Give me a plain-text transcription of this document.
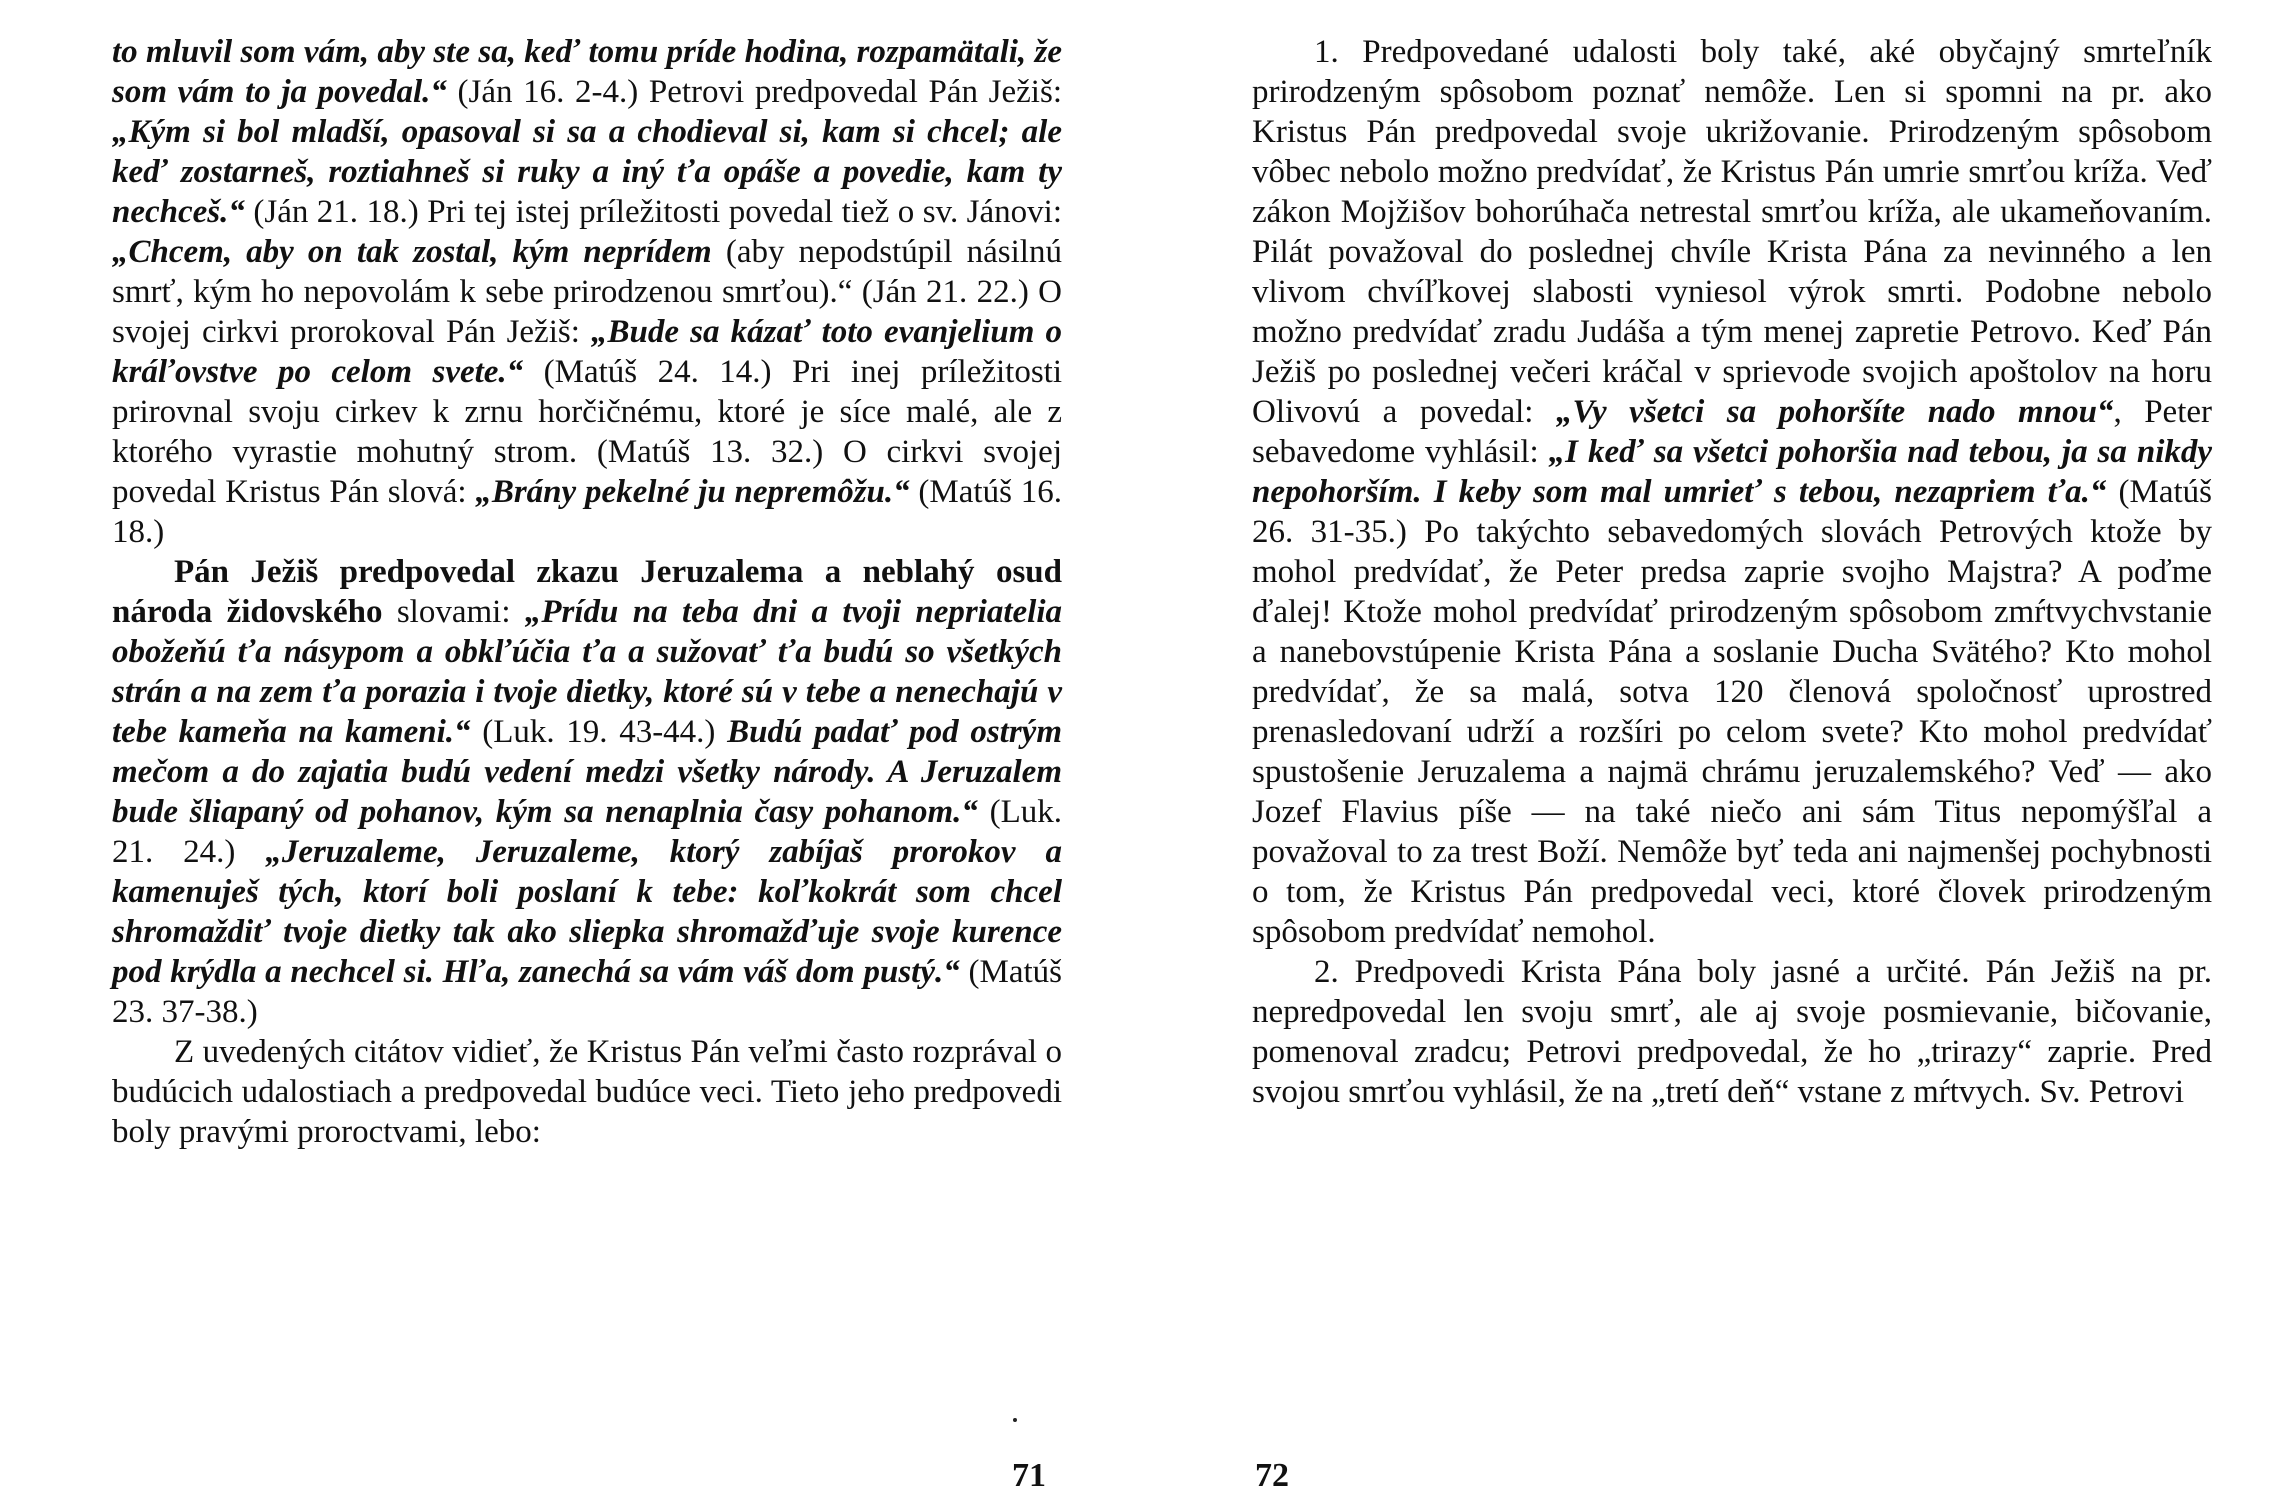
to mluvil som vám, aby ste sa, keď tomu príde hodina, rozpamätali, že som vám to ja povedal.“ (Ján 16. 2-4.) Petrovi predpovedal Pán Ježiš: „Kým si bol mladší, opasoval si sa a chodieval si, kam si chcel; ale keď zostarneš, roztiahneš si ruky a iný ťa opáše a povedie, kam ty nechceš.“ (Ján 21. 18.) Pri tej istej príležitosti povedal tiež o sv. Jánovi: „Chcem, aby on tak zostal, kým neprídem (aby nepodstúpil násilnú smrť, kým ho nepovolám k sebe prirodzenou smrťou).“ (Ján 21. 22.) O svojej cirkvi prorokoval Pán Ježiš: „Bude sa kázať toto evanjelium o kráľovstve po celom svete.“ (Matúš 24. 14.) Pri inej príležitosti prirovnal svoju cirkev k zrnu horčičnému, ktoré je síce malé, ale z ktorého vyrastie mohutný strom. (Matúš 13. 32.) O cirkvi svojej povedal Kristus Pán slová: „Brány pekelné ju nepremôžu.“ (Matúš 16. 18.)

Pán Ježiš predpovedal zkazu Jeruzalema a neblahý osud národa židovského slovami: „Prídu na teba dni a tvoji nepriatelia obožeňú ťa násypom a obkľúčia ťa a sužovať ťa budú so všetkých strán a na zem ťa porazia i tvoje dietky, ktoré sú v tebe a nenechajú v tebe kameňa na kameni.“ (Luk. 19. 43-44.) Budú padať pod ostrým mečom a do zajatia budú vedení medzi všetky národy. A Jeruzalem bude šliapaný od pohanov, kým sa nenaplnia časy pohanom.“ (Luk. 21. 24.) „Jeruzaleme, Jeruzaleme, ktorý zabíjaš prorokov a kamenuješ tých, ktorí boli poslaní k tebe: koľkokrát som chcel shromaždiť tvoje dietky tak ako sliepka shromažďuje svoje kurence pod krýdla a nechcel si. Hľa, zanechá sa vám váš dom pustý.“ (Matúš 23. 37-38.)

Z uvedených citátov vidieť, že Kristus Pán veľmi často rozprával o budúcich udalostiach a predpovedal budúce veci. Tieto jeho predpovedi boly pravými proroctvami, lebo:

71

1. Predpovedané udalosti boly také, aké obyčajný smrteľník prirodzeným spôsobom poznať nemôže. Len si spomni na pr. ako Kristus Pán predpovedal svoje ukrižovanie. Prirodzeným spôsobom vôbec nebolo možno predvídať, že Kristus Pán umrie smrťou kríža. Veď zákon Mojžišov bohorúhača netrestal smrťou kríža, ale ukameňovaním. Pilát považoval do poslednej chvíle Krista Pána za nevinného a len vlivom chvíľkovej slabosti vyniesol výrok smrti. Podobne nebolo možno predvídať zradu Judáša a tým menej zapretie Petrovo. Keď Pán Ježiš po poslednej večeri kráčal v sprievode svojich apoštolov na horu Olivovú a povedal: „Vy všetci sa pohoršíte nado mnou“, Peter sebavedome vyhlásil: „I keď sa všetci pohoršia nad tebou, ja sa nikdy nepohorším. I keby som mal umrieť s tebou, nezapriem ťa.“ (Matúš 26. 31-35.) Po takýchto sebavedomých slovách Petrových ktože by mohol predvídať, že Peter predsa zaprie svojho Majstra? A poďme ďalej! Ktože mohol predvídať prirodzeným spôsobom zmŕtvychvstanie a nanebovstúpenie Krista Pána a soslanie Ducha Svätého? Kto mohol predvídať, že sa malá, sotva 120 členová spoločnosť uprostred prenasledovaní udrží a rozšíri po celom svete? Kto mohol predvídať spustošenie Jeruzalema a najmä chrámu jeruzalemského? Veď — ako Jozef Flavius píše — na také niečo ani sám Titus nepomýšľal a považoval to za trest Boží. Nemôže byť teda ani najmenšej pochybnosti o tom, že Kristus Pán predpovedal veci, ktoré človek prirodzeným spôsobom predvídať nemohol.

2. Predpovedi Krista Pána boly jasné a určité. Pán Ježiš na pr. nepredpovedal len svoju smrť, ale aj svoje posmievanie, bičovanie, pomenoval zradcu; Petrovi predpovedal, že ho „trirazy“ zaprie. Pred svojou smrťou vyhlásil, že na „tretí deň“ vstane z mŕtvych. Sv. Petrovi

72
